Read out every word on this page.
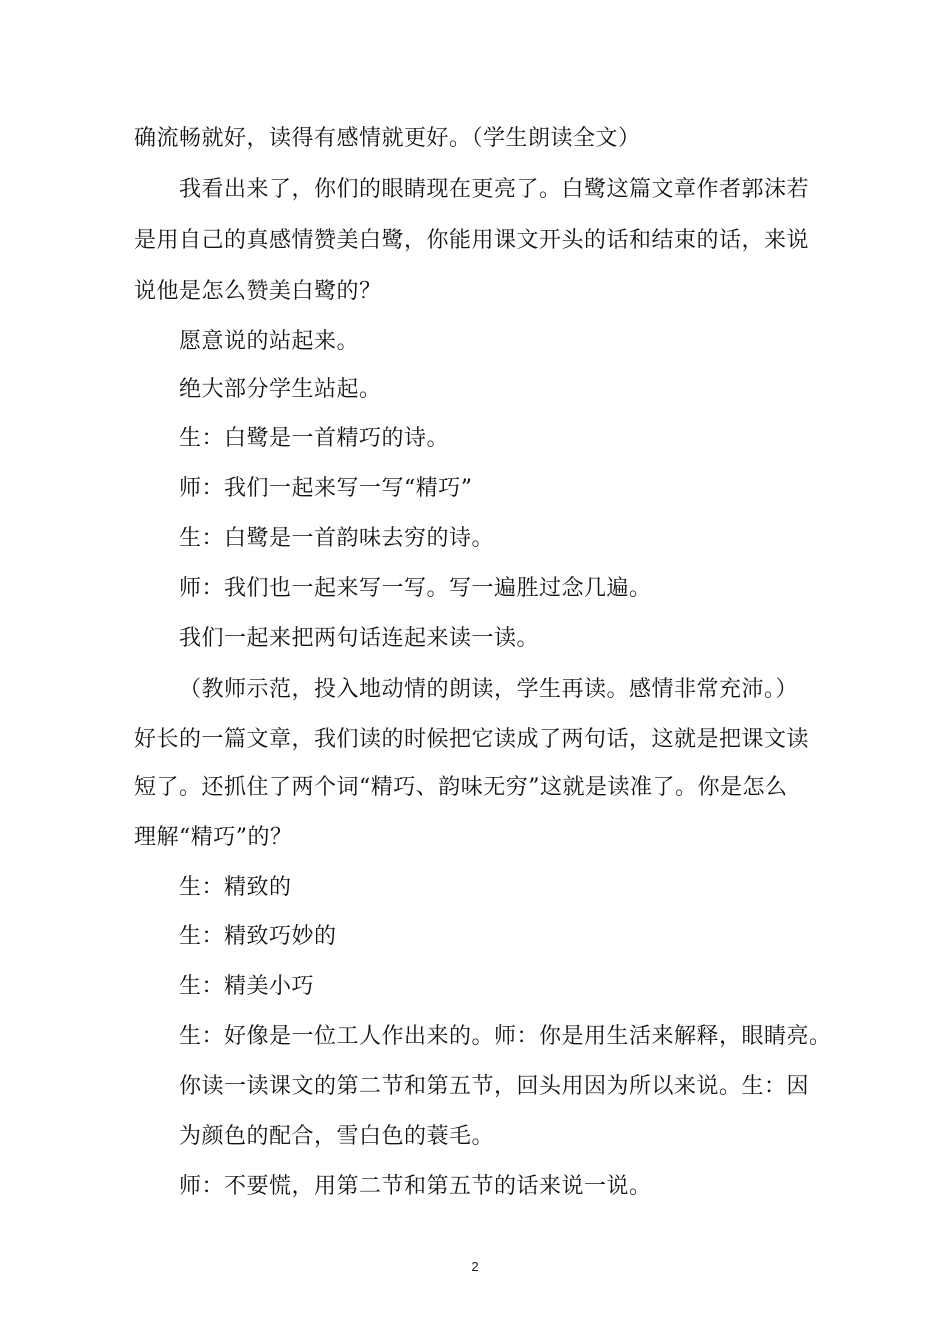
确流畅就好，读得有感情就更好。（学生朗读全文）
我看出来了，你们的眼睛现在更亮了。白鹭这篇文章作者郭沫若
是用自己的真感情赞美白鹭，你能用课文开头的话和结束的话，来说
说他是怎么赞美白鹭的？
愿意说的站起来。
绝大部分学生站起。
生：白鹭是一首精巧的诗。
师：我们一起来写一写“精巧”
生：白鹭是一首韵味去穷的诗。
师：我们也一起来写一写。写一遍胜过念几遍。
我们一起来把两句话连起来读一读。
（教师示范，投入地动情的朗读，学生再读。感情非常充沛。）
好长的一篇文章，我们读的时候把它读成了两句话，这就是把课文读
短了。还抓住了两个词“精巧、韵味无穷”这就是读准了。你是怎么
理解“精巧”的？
生：精致的
生：精致巧妙的
生：精美小巧
生：好像是一位工人作出来的。师：你是用生活来解释，眼睛亮。
你读一读课文的第二节和第五节，回头用因为所以来说。生：因
为颜色的配合，雪白色的蓑毛。
师：不要慌，用第二节和第五节的话来说一说。
2
